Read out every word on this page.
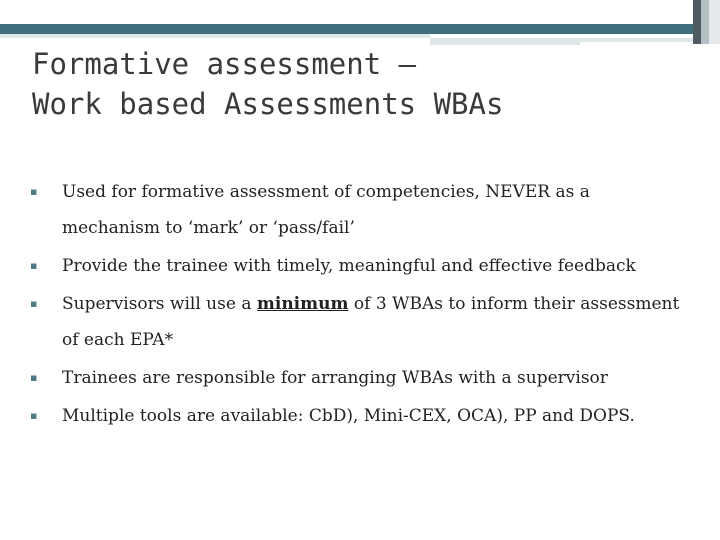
Formative assessment –
Work based Assessments WBAs
▪ Used for formative assessment of competencies, NEVER as a mechanism to ‘mark’ or ‘pass/fail’
▪ Provide the trainee with timely, meaningful and effective feedback
▪ Supervisors will use a minimum of 3 WBAs to inform their assessment of each EPA*
▪ Trainees are responsible for arranging WBAs with a supervisor
▪ Multiple tools are available: CbD), Mini-CEX, OCA), PP and DOPS.
